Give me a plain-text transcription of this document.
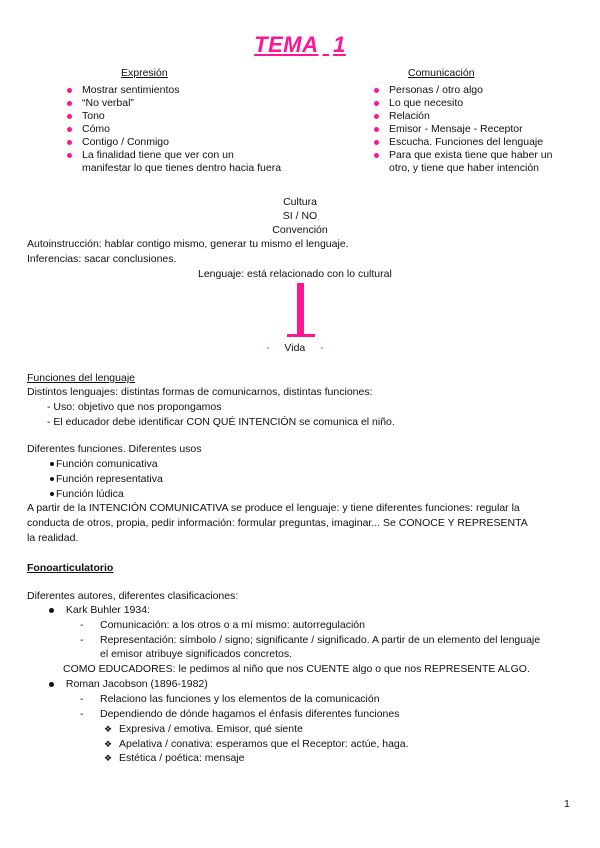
TEMA 1
Expresión
Mostrar sentimientos
“No verbal”
Tono
Cómo
Contigo / Conmigo
La finalidad tiene que ver con un
manifestar lo que tienes dentro hacia fuera
Comunicación
Personas / otro algo
Lo que necesito
Relación
Emisor - Mensaje - Receptor
Escucha. Funciones del lenguaje
Para que exista tiene que haber un
otro, y tiene que haber intención
Cultura
SI / NO
Convención
Autoinstrucción: hablar contigo mismo, generar tu mismo el lenguaje.
Inferencias: sacar conclusiones.
Lenguaje: está relacionado con lo cultural
- Vida -
Funciones del lenguaje
Distintos lenguajes: distintas formas de comunicarnos, distintas funciones:
- Uso: objetivo que nos propongamos
- El educador debe identificar CON QUÉ INTENCIÓN se comunica el niño.
Diferentes funciones. Diferentes usos
Función comunicativa
Función representativa
Función lúdica
A partir de la INTENCIÓN COMUNICATIVA se produce el lenguaje: y tiene diferentes funciones: regular la
conducta de otros, propia, pedir información: formular preguntas, imaginar... Se CONOCE Y REPRESENTA
la realidad.
Fonoarticulatorio
Diferentes autores, diferentes clasificaciones:
Kark Buhler 1934:
- Comunicación: a los otros o a mí mismo: autorregulación
- Representación: símbolo / signo; significante / significado. A partir de un elemento del lenguaje
el emisor atribuye significados concretos.
COMO EDUCADORES: le pedimos al niño que nos CUENTE algo o que nos REPRESENTE ALGO.
Roman Jacobson (1896-1982)
- Relaciono las funciones y los elementos de la comunicación
- Dependiendo de dónde hagamos el énfasis diferentes funciones
❖ Expresiva / emotiva. Emisor, qué siente
❖ Apelativa / conativa: esperamos que el Receptor: actúe, haga.
❖ Estética / poética: mensaje
1
